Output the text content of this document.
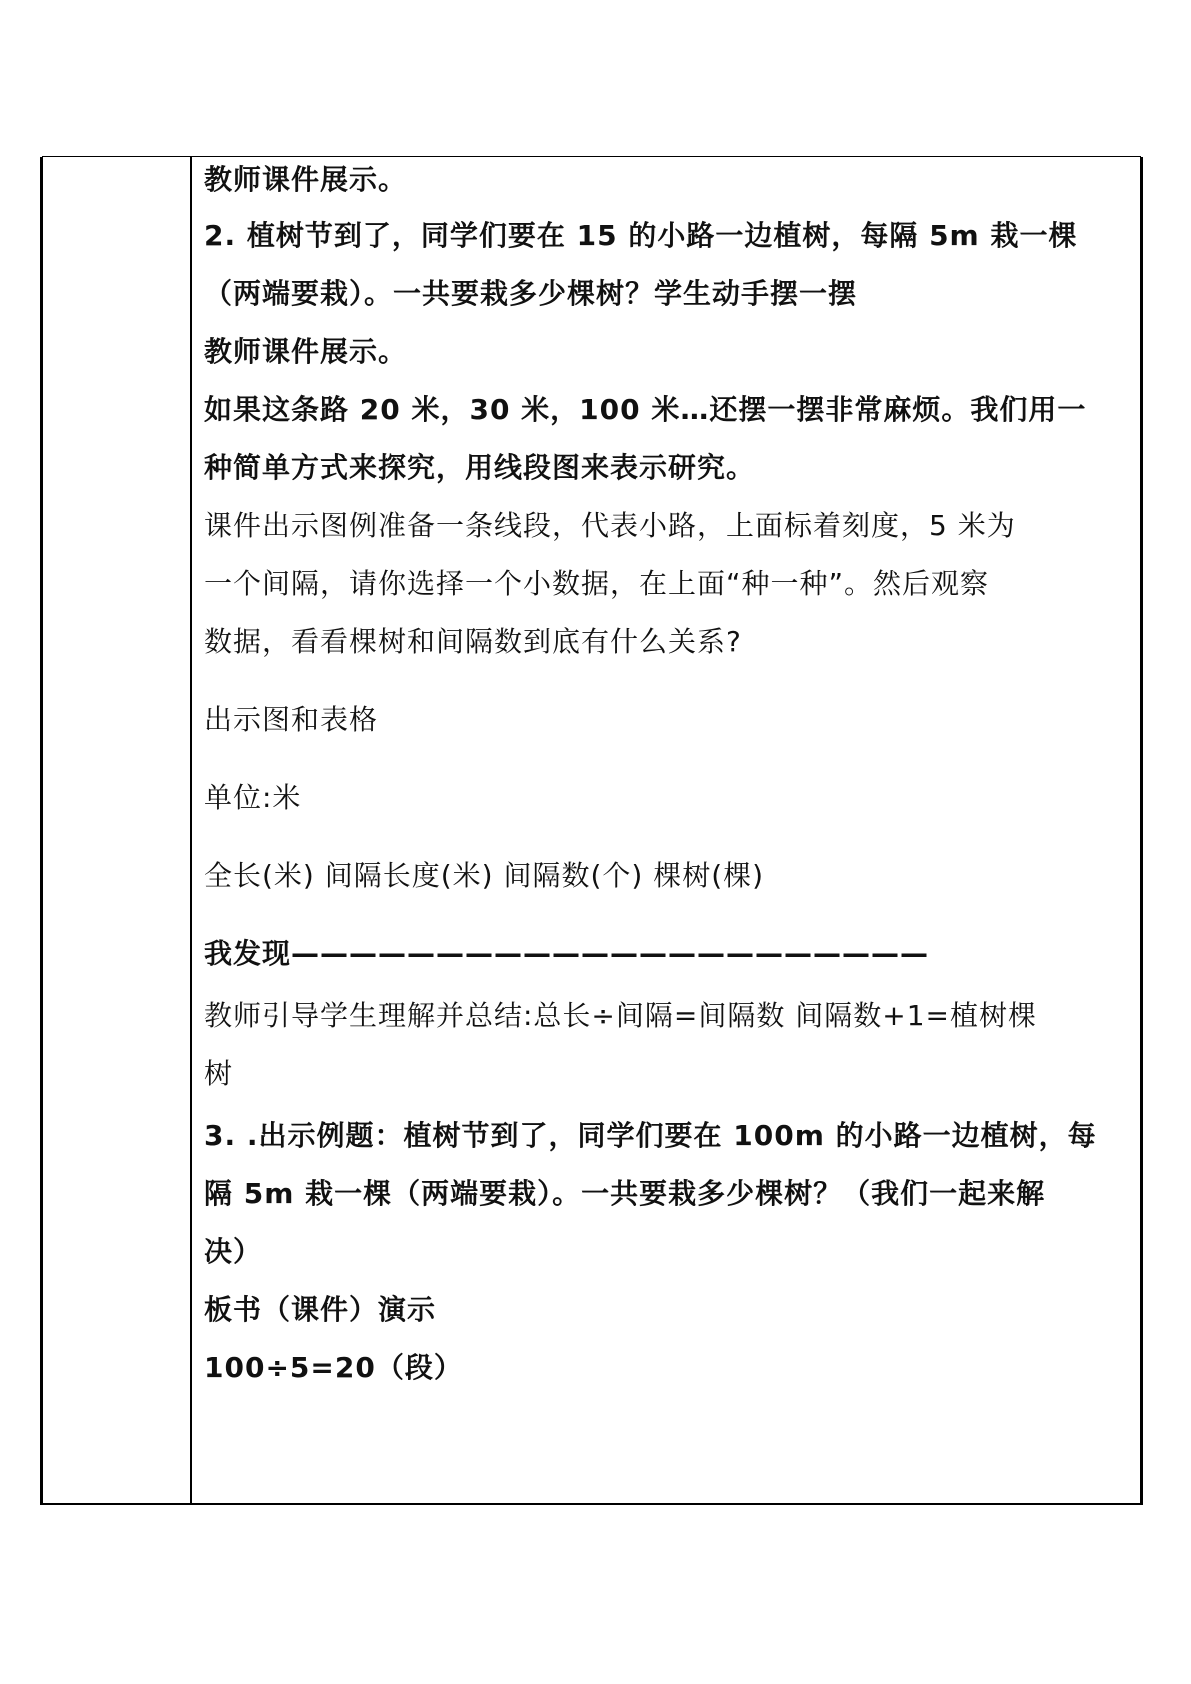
教师课件展示。
2. 植树节到了，同学们要在 15 的小路一边植树，每隔 5m 栽一棵
（两端要栽）。一共要栽多少棵树？学生动手摆一摆
教师课件展示。
如果这条路 20 米，30 米，100 米…还摆一摆非常麻烦。我们用一
种简单方式来探究，用线段图来表示研究。
课件出示图例准备一条线段，代表小路，上面标着刻度，5 米为
一个间隔，请你选择一个小数据，在上面“种一种”。然后观察
数据，看看棵树和间隔数到底有什么关系?
出示图和表格
单位:米
全长(米) 间隔长度(米) 间隔数(个) 棵树(棵)
我发现——————————————————————
教师引导学生理解并总结:总长÷间隔=间隔数 间隔数+1=植树棵
树
3. .出示例题：植树节到了，同学们要在 100m 的小路一边植树，每
隔 5m 栽一棵（两端要栽）。一共要栽多少棵树？（我们一起来解
决）
板书（课件）演示
100÷5=20（段）
